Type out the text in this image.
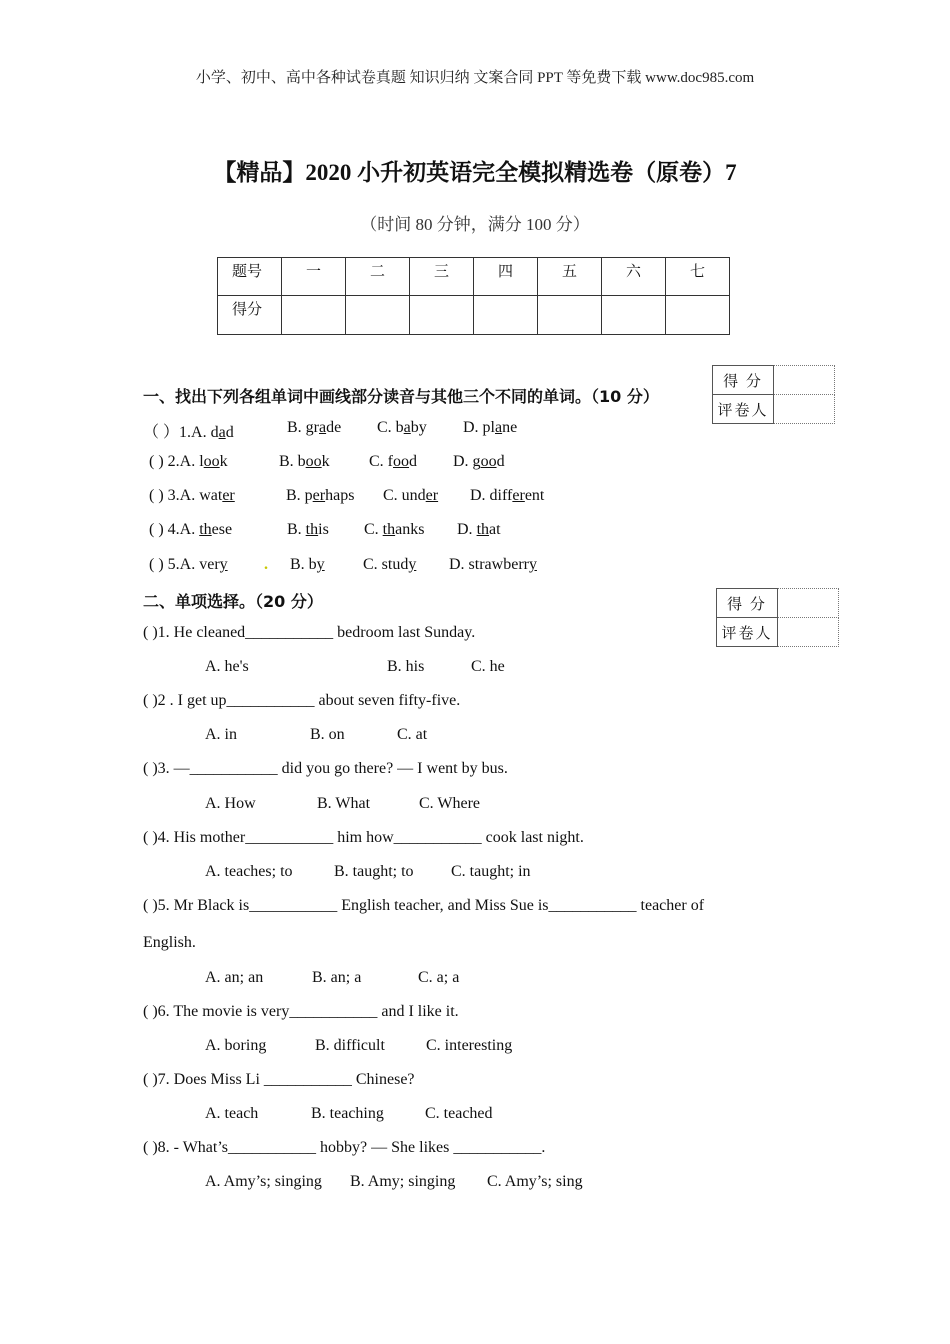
小学、初中、高中各种试卷真题 知识归纳 文案合同 PPT 等免费下载 www.doc985.com
【精品】2020 小升初英语完全模拟精选卷（原卷）7
（时间 80 分钟，满分 100 分）
题号	一	二	三	四	五	六	七
得分							
得 分	
评卷人	
一、找出下列各组单词中画线部分读音与其他三个不同的单词。（10 分）
（ ）1.A. dad	B. grade C. baby D. plane
( ) 2.A. look	B. book C. food D. good
( ) 3.A. water	B. perhaps C. under D. different
( ) 4.A. these	B. this C. thanks D. that
( ) 5.A. very . B. by C. study D. strawberry
得 分	
评卷人	
二、单项选择。（20 分）
( )1. He cleaned___________ bedroom last Sunday.
A. he's	B. his	C. he
( )2 . I get up___________ about seven fifty-five.
A. in	B. on	C. at
( )3. —___________ did you go there? — I went by bus.
A. How	B. What	C. Where
( )4. His mother___________ him how___________ cook last night.
A. teaches; to	B. taught; to C. taught; in
( )5. Mr Black is___________ English teacher, and Miss Sue is___________ teacher of
English.
A. an; an	B. an; a	C. a; a
( )6. The movie is very___________ and I like it.
A. boring	B. difficult	C. interesting
( )7. Does Miss Li ___________ Chinese?
A. teach	B. teaching	C. teached
( )8. - What’s___________ hobby? — She likes ___________.
A. Amy’s; singing B. Amy; singing C. Amy’s; sing
